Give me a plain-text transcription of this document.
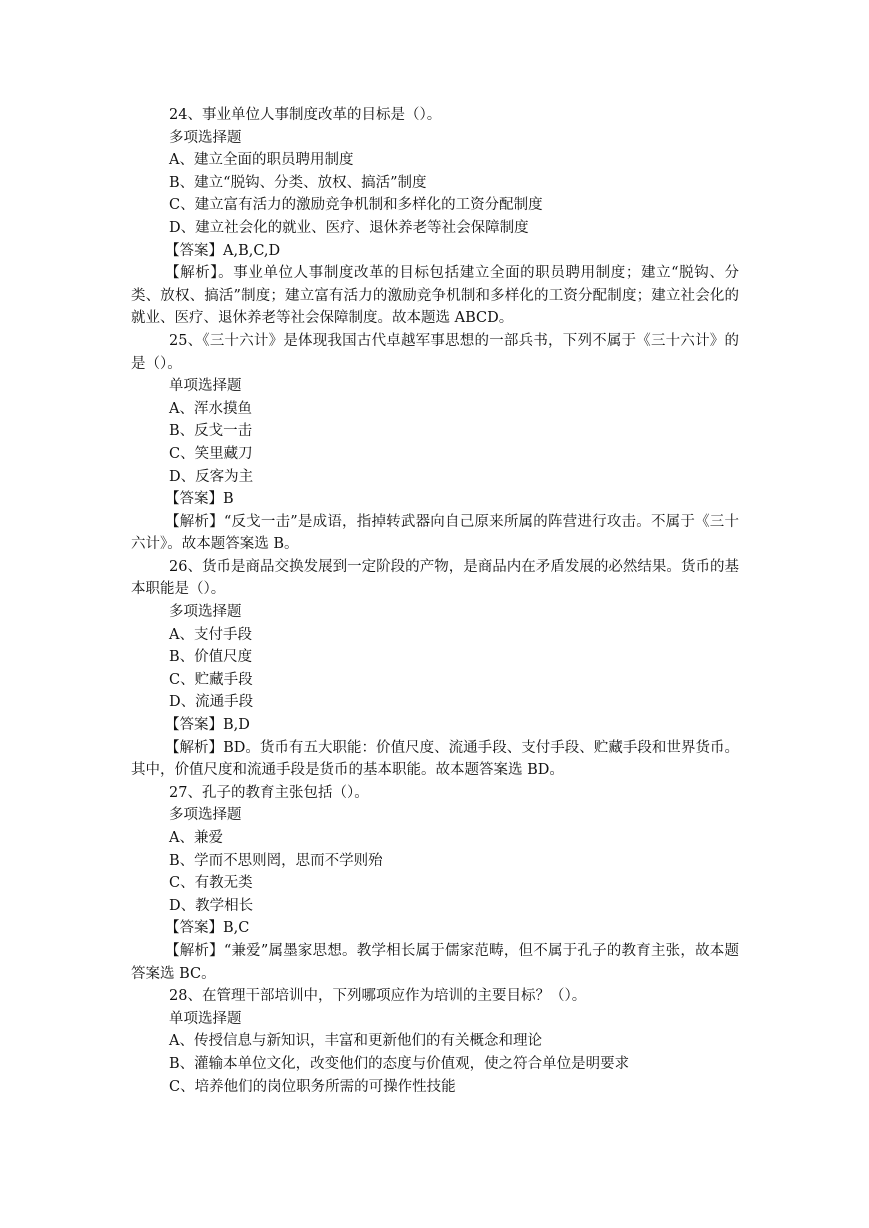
24、事业单位人事制度改革的目标是（）。

多项选择题

A、建立全面的职员聘用制度

B、建立“脱钩、分类、放权、搞活”制度

C、建立富有活力的激励竞争机制和多样化的工资分配制度

D、建立社会化的就业、医疗、退休养老等社会保障制度

【答案】A,B,C,D

【解析】。事业单位人事制度改革的目标包括建立全面的职员聘用制度；建立“脱钩、分类、放权、搞活”制度；建立富有活力的激励竞争机制和多样化的工资分配制度；建立社会化的就业、医疗、退休养老等社会保障制度。故本题选 ABCD。

25、《三十六计》是体现我国古代卓越军事思想的一部兵书，下列不属于《三十六计》的是（）。

单项选择题

A、浑水摸鱼

B、反戈一击

C、笑里藏刀

D、反客为主

【答案】B

【解析】“反戈一击”是成语，指掉转武器向自己原来所属的阵营进行攻击。不属于《三十六计》。故本题答案选 B。

26、货币是商品交换发展到一定阶段的产物，是商品内在矛盾发展的必然结果。货币的基本职能是（）。

多项选择题

A、支付手段

B、价值尺度

C、贮藏手段

D、流通手段

【答案】B,D

【解析】BD。货币有五大职能：价值尺度、流通手段、支付手段、贮藏手段和世界货币。其中，价值尺度和流通手段是货币的基本职能。故本题答案选 BD。

27、孔子的教育主张包括（）。

多项选择题

A、兼爱

B、学而不思则罔，思而不学则殆

C、有教无类

D、教学相长

【答案】B,C

【解析】“兼爱”属墨家思想。教学相长属于儒家范畴，但不属于孔子的教育主张，故本题答案选 BC。

28、在管理干部培训中，下列哪项应作为培训的主要目标？（）。

单项选择题

A、传授信息与新知识，丰富和更新他们的有关概念和理论

B、灌输本单位文化，改变他们的态度与价值观，使之符合单位是明要求

C、培养他们的岗位职务所需的可操作性技能
